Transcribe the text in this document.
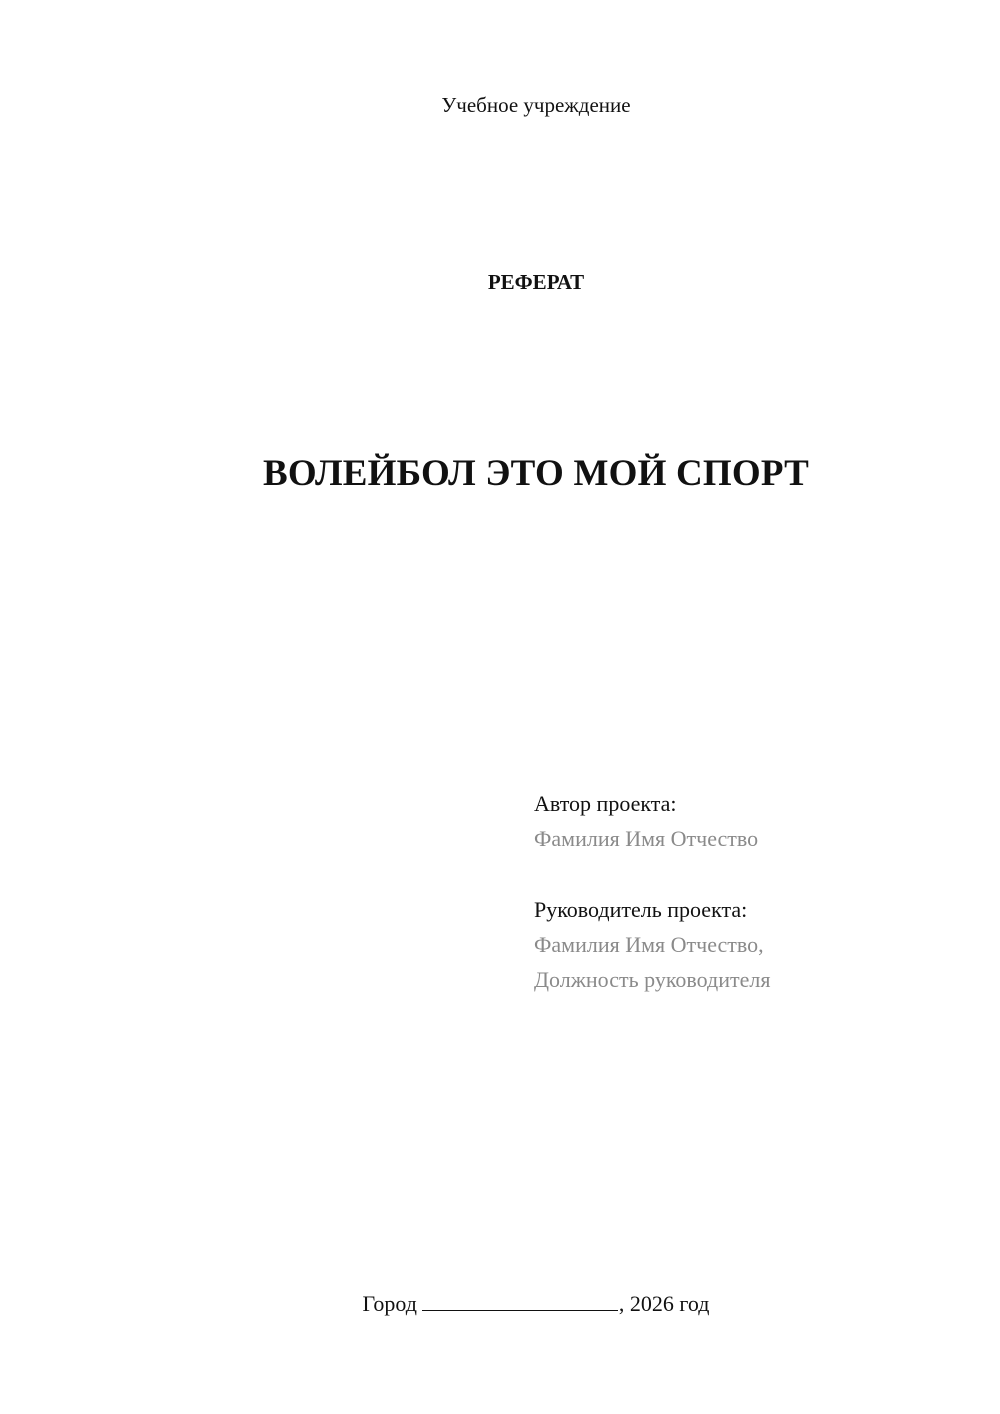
Учебное учреждение
РЕФЕРАТ
ВОЛЕЙБОЛ ЭТО МОЙ СПОРТ
Автор проекта:
Фамилия Имя Отчество
Руководитель проекта:
Фамилия Имя Отчество,
Должность руководителя
Город	, 2026 год
